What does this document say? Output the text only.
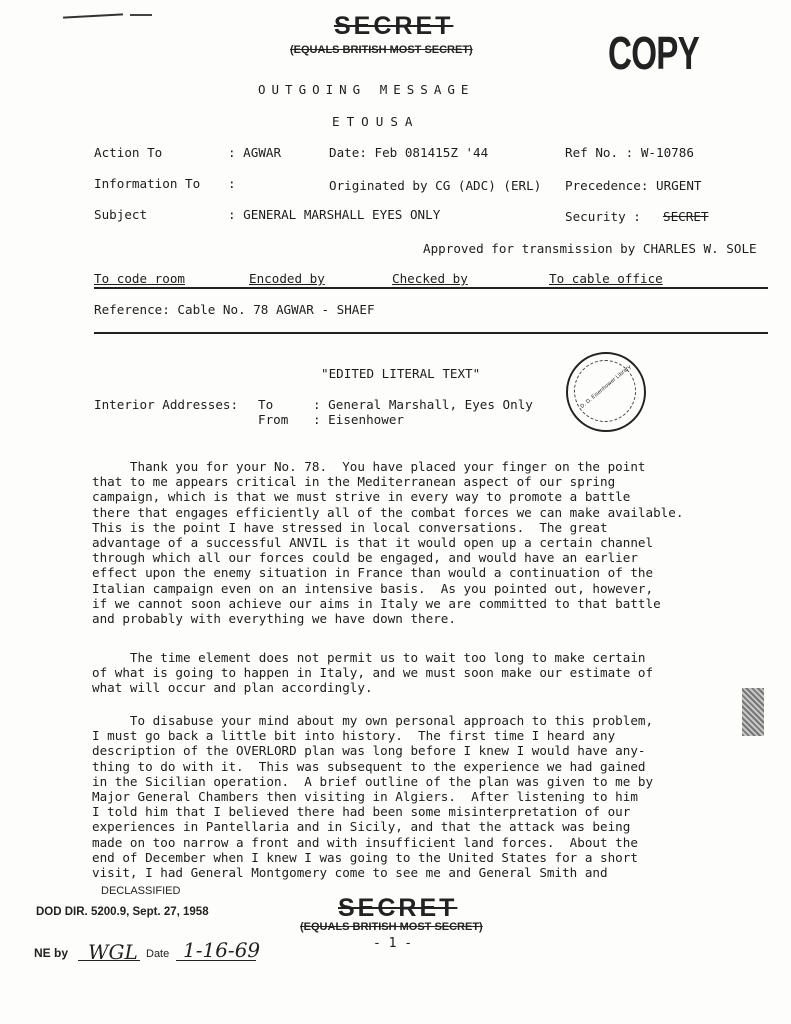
SECRET
(EQUALS BRITISH MOST SECRET)	COPY
OUTGOING MESSAGE
ETOUSA
Action To	: AGWAR	Date: Feb 081415Z '44	Ref No. : W-10786
Information To :	Originated by CG (ADC) (ERL) Precedence: URGENT
Subject	: GENERAL MARSHALL EYES ONLY	Security : SECRET
Approved for transmission by CHARLES W. SOLE
To code room	Encoded by	Checked by	To cable office
Reference: Cable No. 78 AGWAR - SHAEF
"EDITED LITERAL TEXT"	D. D. Eisenhower Library
Interior Addresses: To	: General Marshall, Eyes Only
From : Eisenhower
Thank you for your No. 78.  You have placed your finger on the point
that to me appears critical in the Mediterranean aspect of our spring
campaign, which is that we must strive in every way to promote a battle
there that engages efficiently all of the combat forces we can make available.
This is the point I have stressed in local conversations.  The great
advantage of a successful ANVIL is that it would open up a certain channel
through which all our forces could be engaged, and would have an earlier
effect upon the enemy situation in France than would a continuation of the
Italian campaign even on an intensive basis.  As you pointed out, however,
if we cannot soon achieve our aims in Italy we are committed to that battle
and probably with everything we have down there.
The time element does not permit us to wait too long to make certain
of what is going to happen in Italy, and we must soon make our estimate of
what will occur and plan accordingly.
To disabuse your mind about my own personal approach to this problem,
I must go back a little bit into history.  The first time I heard any
description of the OVERLORD plan was long before I knew I would have any-
thing to do with it.  This was subsequent to the experience we had gained
in the Sicilian operation.  A brief outline of the plan was given to me by
Major General Chambers then visiting in Algiers.  After listening to him
I told him that I believed there had been some misinterpretation of our
experiences in Pantellaria and in Sicily, and that the attack was being
made on too narrow a front and with insufficient land forces.  About the
end of December when I knew I was going to the United States for a short
visit, I had General Montgomery come to see me and General Smith and
DECLASSIFIED
DOD DIR. 5200.9, Sept. 27, 1958
NE by WGL Date 1-16-69
SECRET
(EQUALS BRITISH MOST SECRET)
- 1 -
